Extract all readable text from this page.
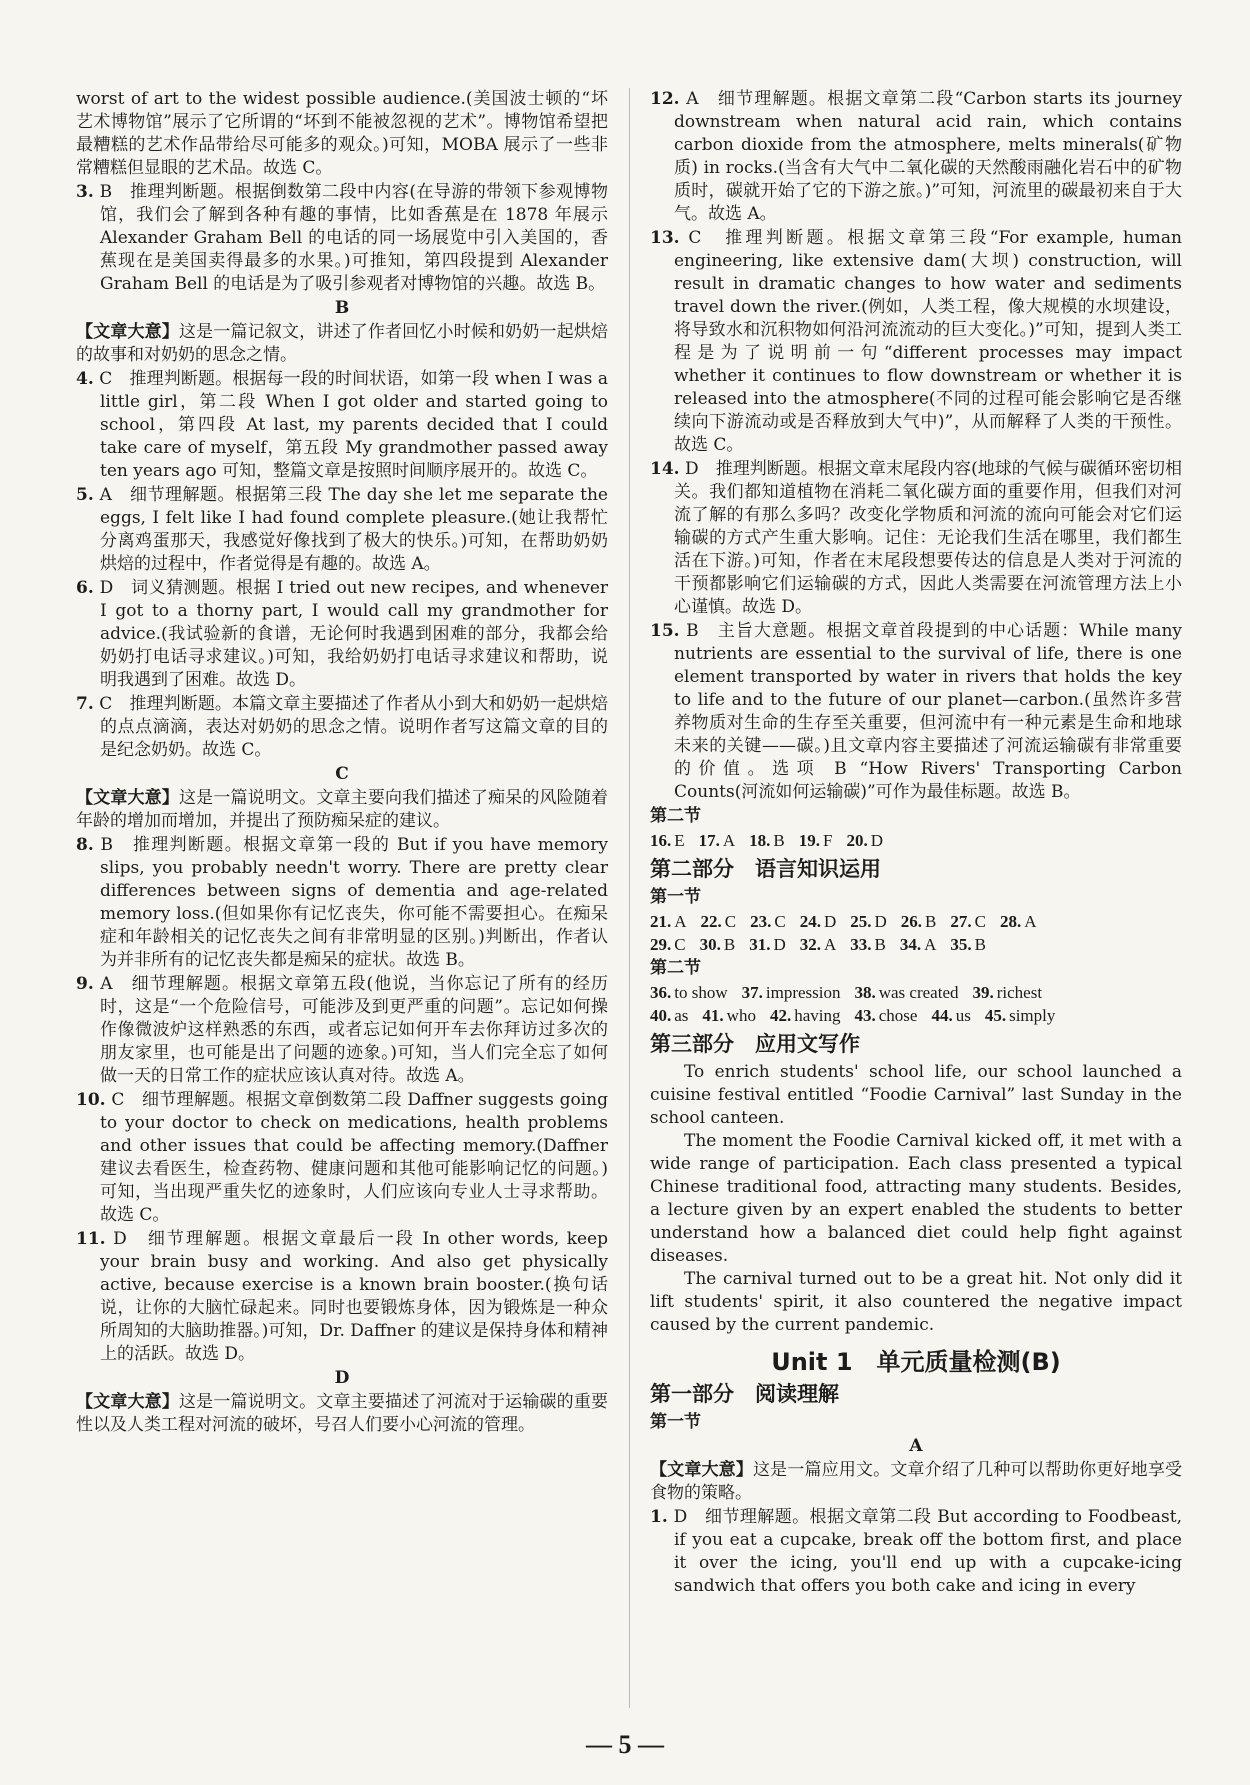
worst of art to the widest possible audience.(美国波士顿的“坏艺术博物馆”展示了它所谓的“坏到不能被忽视的艺术”。博物馆希望把最糟糕的艺术作品带给尽可能多的观众。)可知，MOBA 展示了一些非常糟糕但显眼的艺术品。故选 C。

3. B　推理判断题。根据倒数第二段中内容(在导游的带领下参观博物馆，我们会了解到各种有趣的事情，比如香蕉是在 1878 年展示 Alexander Graham Bell 的电话的同一场展览中引入美国的，香蕉现在是美国卖得最多的水果。)可推知，第四段提到 Alexander Graham Bell 的电话是为了吸引参观者对博物馆的兴趣。故选 B。

B

【文章大意】这是一篇记叙文，讲述了作者回忆小时候和奶奶一起烘焙的故事和对奶奶的思念之情。

4. C　推理判断题。根据每一段的时间状语，如第一段 when I was a little girl，第二段 When I got older and started going to school，第四段 At last, my parents decided that I could take care of myself，第五段 My grandmother passed away ten years ago 可知，整篇文章是按照时间顺序展开的。故选 C。

5. A　细节理解题。根据第三段 The day she let me separate the eggs, I felt like I had found complete pleasure.(她让我帮忙分离鸡蛋那天，我感觉好像找到了极大的快乐。)可知，在帮助奶奶烘焙的过程中，作者觉得是有趣的。故选 A。

6. D　词义猜测题。根据 I tried out new recipes, and whenever I got to a thorny part, I would call my grandmother for advice.(我试验新的食谱，无论何时我遇到困难的部分，我都会给奶奶打电话寻求建议。)可知，我给奶奶打电话寻求建议和帮助，说明我遇到了困难。故选 D。

7. C　推理判断题。本篇文章主要描述了作者从小到大和奶奶一起烘焙的点点滴滴，表达对奶奶的思念之情。说明作者写这篇文章的目的是纪念奶奶。故选 C。

C

【文章大意】这是一篇说明文。文章主要向我们描述了痴呆的风险随着年龄的增加而增加，并提出了预防痴呆症的建议。

8. B　推理判断题。根据文章第一段的 But if you have memory slips, you probably needn't worry. There are pretty clear differences between signs of dementia and age-related memory loss.(但如果你有记忆丧失，你可能不需要担心。在痴呆症和年龄相关的记忆丧失之间有非常明显的区别。)判断出，作者认为并非所有的记忆丧失都是痴呆的症状。故选 B。

9. A　细节理解题。根据文章第五段(他说，当你忘记了所有的经历时，这是“一个危险信号，可能涉及到更严重的问题”。忘记如何操作像微波炉这样熟悉的东西，或者忘记如何开车去你拜访过多次的朋友家里，也可能是出了问题的迹象。)可知，当人们完全忘了如何做一天的日常工作的症状应该认真对待。故选 A。

10. C　细节理解题。根据文章倒数第二段 Daffner suggests going to your doctor to check on medications, health problems and other issues that could be affecting memory.(Daffner 建议去看医生，检查药物、健康问题和其他可能影响记忆的问题。)可知，当出现严重失忆的迹象时，人们应该向专业人士寻求帮助。故选 C。

11. D　细节理解题。根据文章最后一段 In other words, keep your brain busy and working. And also get physically active, because exercise is a known brain booster.(换句话说，让你的大脑忙碌起来。同时也要锻炼身体，因为锻炼是一种众所周知的大脑助推器。)可知，Dr. Daffner 的建议是保持身体和精神上的活跃。故选 D。

D

【文章大意】这是一篇说明文。文章主要描述了河流对于运输碳的重要性以及人类工程对河流的破坏，号召人们要小心河流的管理。

12. A　细节理解题。根据文章第二段“Carbon starts its journey downstream when natural acid rain, which contains carbon dioxide from the atmosphere, melts minerals(矿物质) in rocks.(当含有大气中二氧化碳的天然酸雨融化岩石中的矿物质时，碳就开始了它的下游之旅。)”可知，河流里的碳最初来自于大气。故选 A。

13. C　推理判断题。根据文章第三段“For example, human engineering, like extensive dam(大坝) construction, will result in dramatic changes to how water and sediments travel down the river.(例如，人类工程，像大规模的水坝建设，将导致水和沉积物如何沿河流流动的巨大变化。)”可知，提到人类工程是为了说明前一句“different processes may impact whether it continues to flow downstream or whether it is released into the atmosphere(不同的过程可能会影响它是否继续向下游流动或是否释放到大气中)”，从而解释了人类的干预性。故选 C。

14. D　推理判断题。根据文章末尾段内容(地球的气候与碳循环密切相关。我们都知道植物在消耗二氧化碳方面的重要作用，但我们对河流了解的有那么多吗？改变化学物质和河流的流向可能会对它们运输碳的方式产生重大影响。记住：无论我们生活在哪里，我们都生活在下游。)可知，作者在末尾段想要传达的信息是人类对于河流的干预都影响它们运输碳的方式，因此人类需要在河流管理方法上小心谨慎。故选 D。

15. B　主旨大意题。根据文章首段提到的中心话题：While many nutrients are essential to the survival of life, there is one element transported by water in rivers that holds the key to life and to the future of our planet—carbon.(虽然许多营养物质对生命的生存至关重要，但河流中有一种元素是生命和地球未来的关键——碳。)且文章内容主要描述了河流运输碳有非常重要的价值。选项 B “How Rivers' Transporting Carbon Counts(河流如何运输碳)”可作为最佳标题。故选 B。

第二节
16. E 17. A 18. B 19. F 20. D
第二部分　语言知识运用
第一节
21. A 22. C 23. C 24. D 25. D 26. B 27. C 28. A
29. C 30. B 31. D 32. A 33. B 34. A 35. B
第二节
36. to show 37. impression 38. was created 39. richest
40. as 41. who 42. having 43. chose 44. us 45. simply
第三部分　应用文写作

To enrich students' school life, our school launched a cuisine festival entitled “Foodie Carnival” last Sunday in the school canteen.

The moment the Foodie Carnival kicked off, it met with a wide range of participation. Each class presented a typical Chinese traditional food, attracting many students. Besides, a lecture given by an expert enabled the students to better understand how a balanced diet could help fight against diseases.

The carnival turned out to be a great hit. Not only did it lift students' spirit, it also countered the negative impact caused by the current pandemic.

Unit 1　单元质量检测(B)
第一部分　阅读理解
第一节
A

【文章大意】这是一篇应用文。文章介绍了几种可以帮助你更好地享受食物的策略。

1. D　细节理解题。根据文章第二段 But according to Foodbeast, if you eat a cupcake, break off the bottom first, and place it over the icing, you'll end up with a cupcake-icing sandwich that offers you both cake and icing in every

— 5 —
